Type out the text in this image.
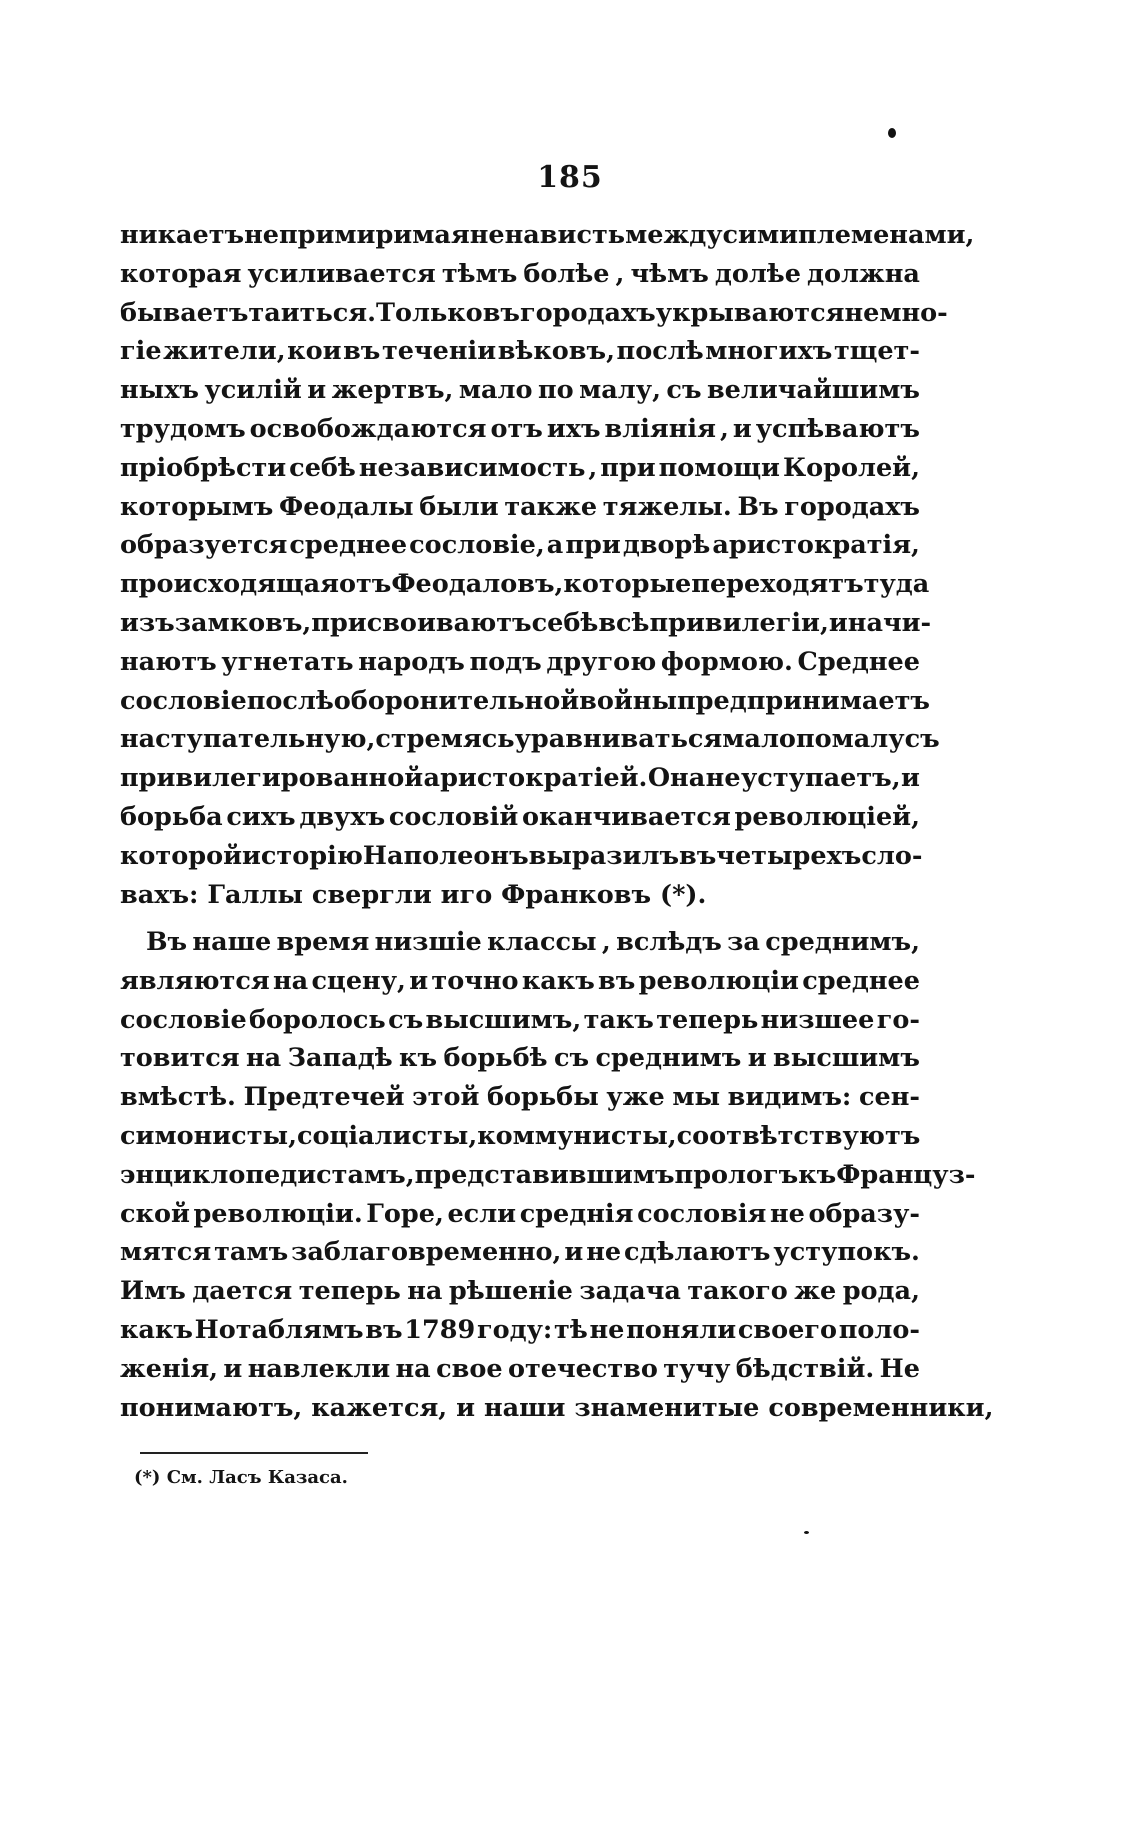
185
никаетъ непримиримая ненависть между сими племенами,
которая усиливается тѣмъ болѣе , чѣмъ долѣе должна
бываетъ таиться. Только въ городахъ укрываются немно-
гіе жители, кои въ теченіи вѣковъ, послѣ многихъ тщет-
ныхъ усилій и жертвъ, мало по малу, съ величайшимъ
трудомъ освобождаются отъ ихъ вліянія , и успѣваютъ
пріобрѣсти себѣ независимость , при помощи Королей,
которымъ Феодалы были также тяжелы. Въ городахъ
образуется среднее сословіе, а при дворѣ аристократія,
происходящая отъ Феодаловъ, которые переходятъ туда
изъ замковъ, присвоиваютъ себѣ всѣ привилегіи, и начи-
наютъ угнетать народъ подъ другою формою. Среднее
сословіе послѣ оборонительной войны предпринимаетъ
наступательную, стремясь уравниваться мало по малу съ
привилегированной аристократіей. Она не уступаетъ, и
борьба сихъ двухъ сословій оканчивается революціей,
которой исторію Наполеонъ выразилъ въ четырехъ сло-
вахъ: Галлы свергли иго Франковъ (*).
Въ наше время низшіе классы , вслѣдъ за среднимъ,
являются на сцену, и точно какъ въ революціи среднее
сословіе боролось съ высшимъ, такъ теперь низшее го-
товится на Западѣ къ борьбѣ съ среднимъ и высшимъ
вмѣстѣ. Предтечей этой борьбы уже мы видимъ: сен-
симонисты , соціалисты , коммунисты , соотвѣтствуютъ
энциклопедистамъ, представившимъ прологъ къ Француз-
ской революціи. Горе, если среднія сословія не образу-
мятся тамъ заблаговременно, и не сдѣлаютъ уступокъ.
Имъ дается теперь на рѣшеніе задача такого же рода,
какъ Нотаблямъ въ 1789 году: тѣ не поняли своего поло-
женія, и навлекли на свое отечество тучу бѣдствій. Не
понимаютъ, кажется, и наши знаменитые современники,
(*) См. Ласъ Казаса.
